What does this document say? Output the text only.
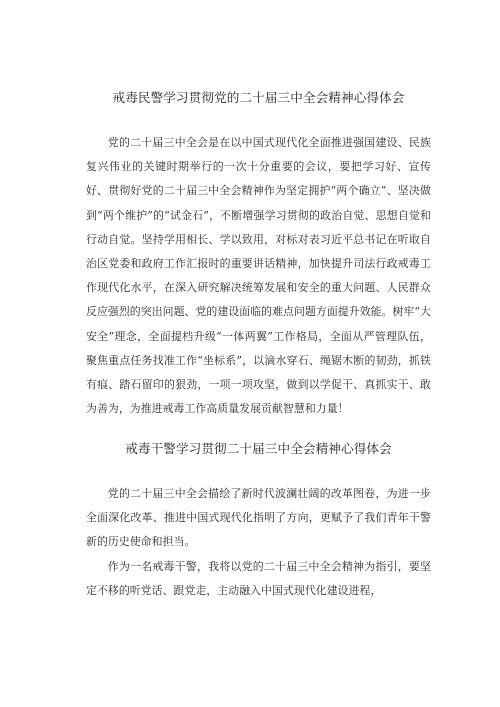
戒毒民警学习贯彻党的二十届三中全会精神心得体会

党的二十届三中全会是在以中国式现代化全面推进强国建设、民族复兴伟业的关键时期举行的一次十分重要的会议，要把学习好、宣传好、贯彻好党的二十届三中全会精神作为坚定拥护“两个确立”、坚决做到“两个维护”的“试金石”，不断增强学习贯彻的政治自觉、思想自觉和行动自觉。坚持学用相长、学以致用，对标对表习近平总书记在听取自治区党委和政府工作汇报时的重要讲话精神，加快提升司法行政戒毒工作现代化水平，在深入研究解决统筹发展和安全的重大问题、人民群众反应强烈的突出问题、党的建设面临的难点问题方面提升效能。树牢“大安全”理念，全面提档升级“一体两翼”工作格局，全面从严管理队伍，聚焦重点任务找准工作“坐标系”，以滴水穿石、绳锯木断的韧劲，抓铁有痕、踏石留印的狠劲，一项一项攻坚，做到以学促干、真抓实干、敢为善为，为推进戒毒工作高质量发展贡献智慧和力量！

戒毒干警学习贯彻二十届三中全会精神心得体会

党的二十届三中全会描绘了新时代波澜壮阔的改革图卷，为进一步全面深化改革、推进中国式现代化指明了方向，更赋予了我们青年干警新的历史使命和担当。

作为一名戒毒干警，我将以党的二十届三中全会精神为指引，要坚定不移的听党话、跟党走，主动融入中国式现代化建设进程，
